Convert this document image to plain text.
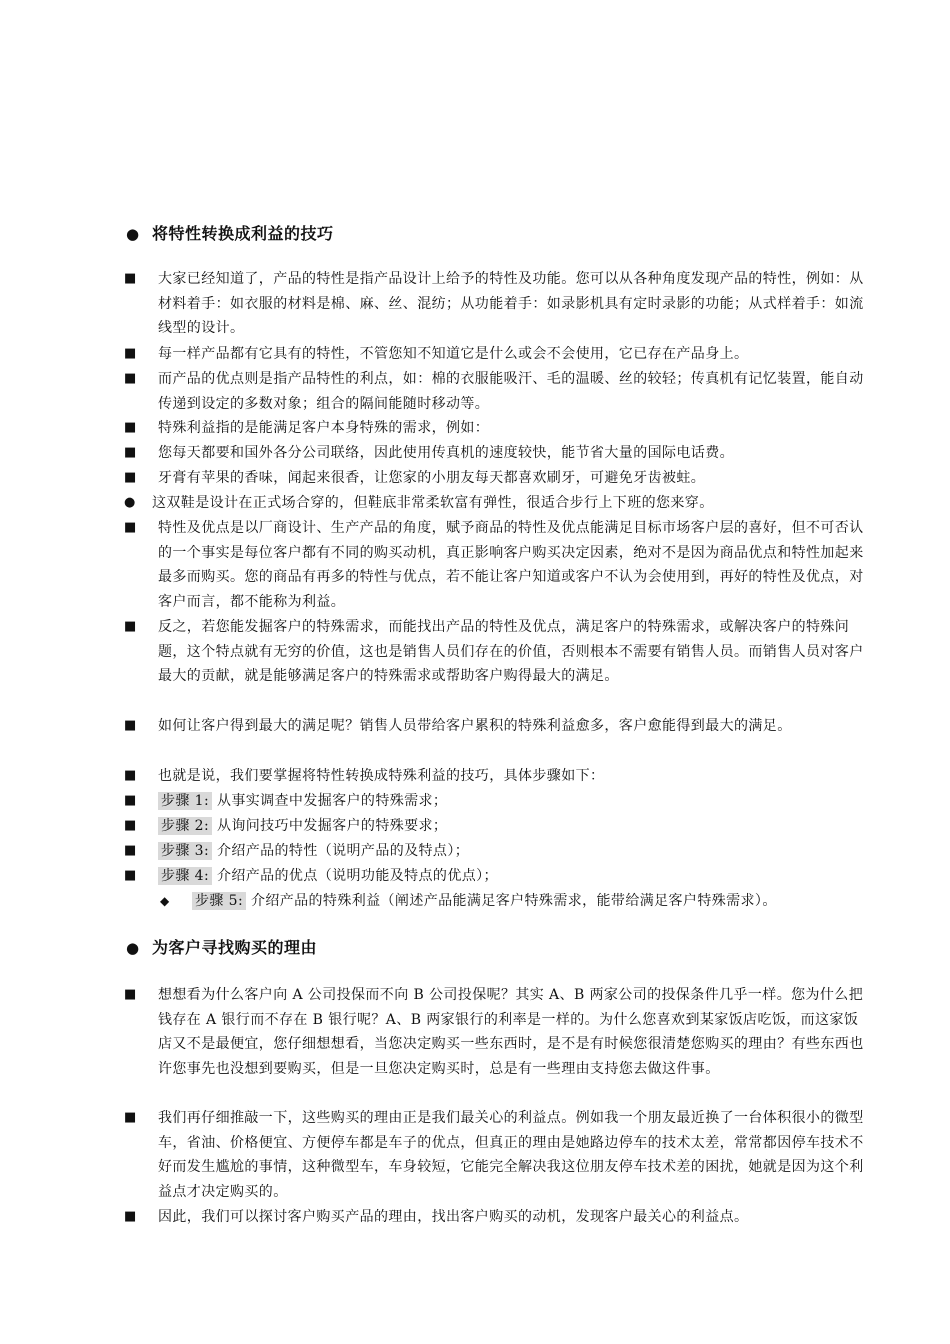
● 将特性转换成利益的技巧
■	大家已经知道了，产品的特性是指产品设计上给予的特性及功能。您可以从各种角度发现产品的特性，例如：从材料着手：如衣服的材料是棉、麻、丝、混纺；从功能着手：如录影机具有定时录影的功能；从式样着手：如流线型的设计。
■	每一样产品都有它具有的特性，不管您知不知道它是什么或会不会使用，它已存在产品身上。
■	而产品的优点则是指产品特性的利点，如：棉的衣服能吸汗、毛的温暖、丝的较轻；传真机有记忆装置，能自动传递到设定的多数对象；组合的隔间能随时移动等。
■	特殊利益指的是能满足客户本身特殊的需求，例如：
■	您每天都要和国外各分公司联络，因此使用传真机的速度较快，能节省大量的国际电话费。
■	牙膏有苹果的香味，闻起来很香，让您家的小朋友每天都喜欢刷牙，可避免牙齿被蛀。
●	这双鞋是设计在正式场合穿的，但鞋底非常柔软富有弹性，很适合步行上下班的您来穿。
■	特性及优点是以厂商设计、生产产品的角度，赋予商品的特性及优点能满足目标市场客户层的喜好，但不可否认的一个事实是每位客户都有不同的购买动机，真正影响客户购买决定因素，绝对不是因为商品优点和特性加起来最多而购买。您的商品有再多的特性与优点，若不能让客户知道或客户不认为会使用到，再好的特性及优点，对客户而言，都不能称为利益。
■	反之，若您能发掘客户的特殊需求，而能找出产品的特性及优点，满足客户的特殊需求，或解决客户的特殊问题，这个特点就有无穷的价值，这也是销售人员们存在的价值，否则根本不需要有销售人员。而销售人员对客户最大的贡献，就是能够满足客户的特殊需求或帮助客户购得最大的满足。
■	如何让客户得到最大的满足呢？销售人员带给客户累积的特殊利益愈多，客户愈能得到最大的满足。
■	也就是说，我们要掌握将特性转换成特殊利益的技巧，具体步骤如下：
■ 步骤 1: 从事实调查中发掘客户的特殊需求；
■ 步骤 2: 从询问技巧中发掘客户的特殊要求；
■ 步骤 3: 介绍产品的特性（说明产品的及特点）；
■ 步骤 4: 介绍产品的优点（说明功能及特点的优点）；
◆ 步骤 5: 介绍产品的特殊利益（阐述产品能满足客户特殊需求，能带给满足客户特殊需求）。
● 为客户寻找购买的理由
■	想想看为什么客户向 A 公司投保而不向 B 公司投保呢？其实 A、B 两家公司的投保条件几乎一样。您为什么把钱存在 A 银行而不存在 B 银行呢？A、B 两家银行的利率是一样的。为什么您喜欢到某家饭店吃饭，而这家饭店又不是最便宜，您仔细想想看，当您决定购买一些东西时，是不是有时候您很清楚您购买的理由？有些东西也许您事先也没想到要购买，但是一旦您决定购买时，总是有一些理由支持您去做这件事。
■	我们再仔细推敲一下，这些购买的理由正是我们最关心的利益点。例如我一个朋友最近换了一台体积很小的微型车，省油、价格便宜、方便停车都是车子的优点，但真正的理由是她路边停车的技术太差，常常都因停车技术不好而发生尴尬的事情，这种微型车，车身较短，它能完全解决我这位朋友停车技术差的困扰，她就是因为这个利益点才决定购买的。
■	因此，我们可以探讨客户购买产品的理由，找出客户购买的动机，发现客户最关心的利益点。
